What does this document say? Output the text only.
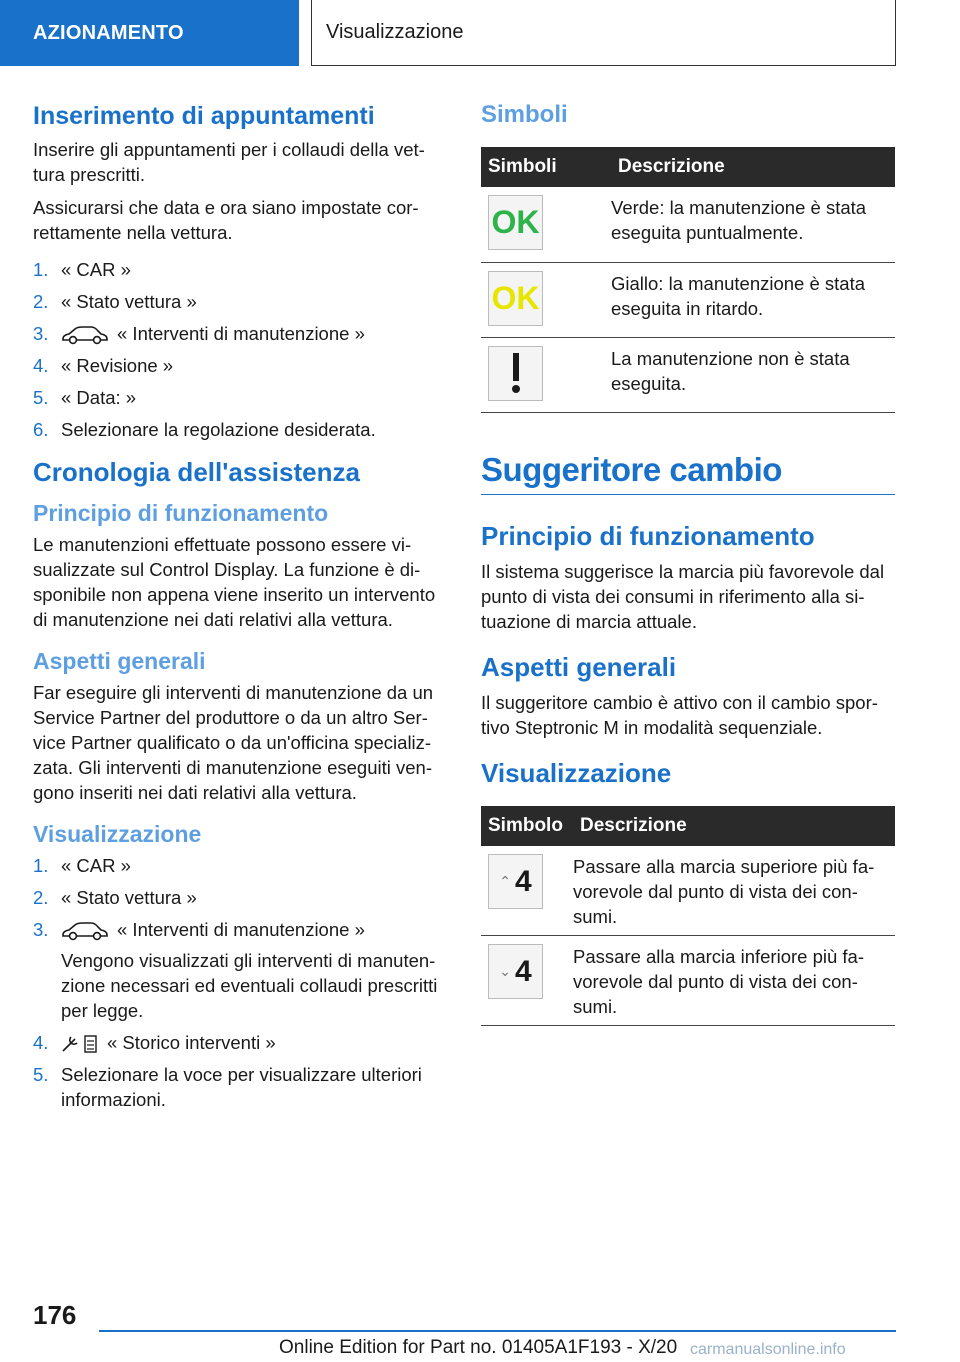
AZIONAMENTO	Visualizzazione
Inserimento di appuntamenti
Inserire gli appuntamenti per i collaudi della vet-tura prescritti.
Assicurarsi che data e ora siano impostate cor-rettamente nella vettura.
1. « CAR »
2. « Stato vettura »
3.	« Interventi di manutenzione »
4. « Revisione »
5. « Data: »
6. Selezionare la regolazione desiderata.
Cronologia dell'assistenza
Principio di funzionamento
Le manutenzioni effettuate possono essere vi-sualizzate sul Control Display. La funzione è di-sponibile non appena viene inserito un intervento di manutenzione nei dati relativi alla vettura.
Aspetti generali
Far eseguire gli interventi di manutenzione da un Service Partner del produttore o da un altro Ser-vice Partner qualificato o da un'officina specializ-zata. Gli interventi di manutenzione eseguiti ven-gono inseriti nei dati relativi alla vettura.
Visualizzazione
1. « CAR »
2. « Stato vettura »
3.	« Interventi di manutenzione »
Vengono visualizzati gli interventi di manuten-zione necessari ed eventuali collaudi prescritti per legge.
4.	« Storico interventi »
5. Selezionare la voce per visualizzare ulteriori informazioni.
Simboli
Simboli	Descrizione

OK	Verde: la manutenzione è stata eseguita puntualmente.

OK	Giallo: la manutenzione è stata eseguita in ritardo.

	La manutenzione non è stata eseguita.
Suggeritore cambio
Principio di funzionamento
Il sistema suggerisce la marcia più favorevole dal punto di vista dei consumi in riferimento alla si-tuazione di marcia attuale.
Aspetti generali
Il suggeritore cambio è attivo con il cambio spor-tivo Steptronic M in modalità sequenziale.
Visualizzazione
Simbolo	Descrizione

⌃ 4	Passare alla marcia superiore più fa-vorevole dal punto di vista dei con-sumi.

⌄ 4	Passare alla marcia inferiore più fa-vorevole dal punto di vista dei con-sumi.
176
Online Edition for Part no. 01405A1F193 - X/20 carmanualsonline.info
